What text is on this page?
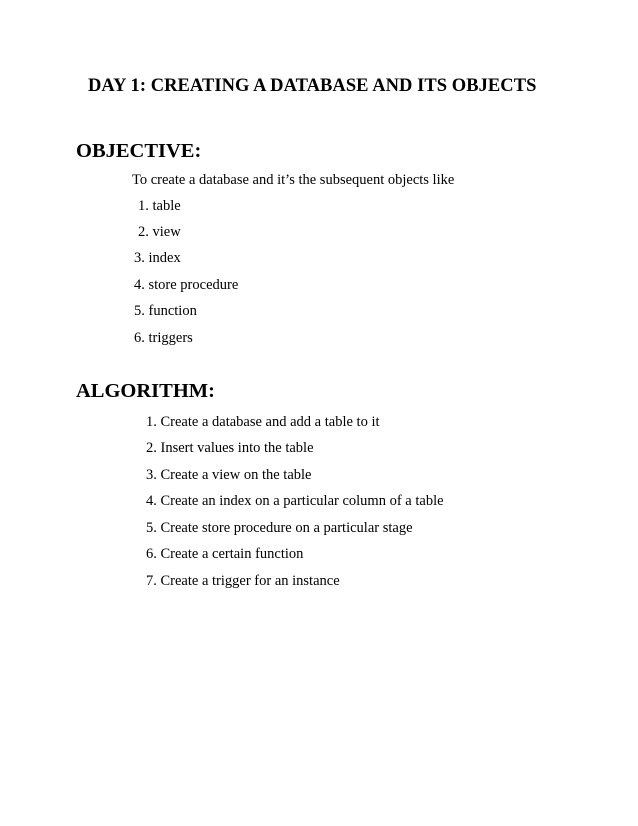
DAY 1: CREATING A DATABASE AND ITS OBJECTS
OBJECTIVE:
To create a database and it’s the subsequent objects like
1. table
2. view
3. index
4. store procedure
5. function
6. triggers
ALGORITHM:
1. Create a database and add a table to it
2. Insert values into the table
3. Create a view on the table
4. Create an index on a particular column of a table
5. Create store procedure on a particular stage
6. Create a certain function
7. Create a trigger for an instance
